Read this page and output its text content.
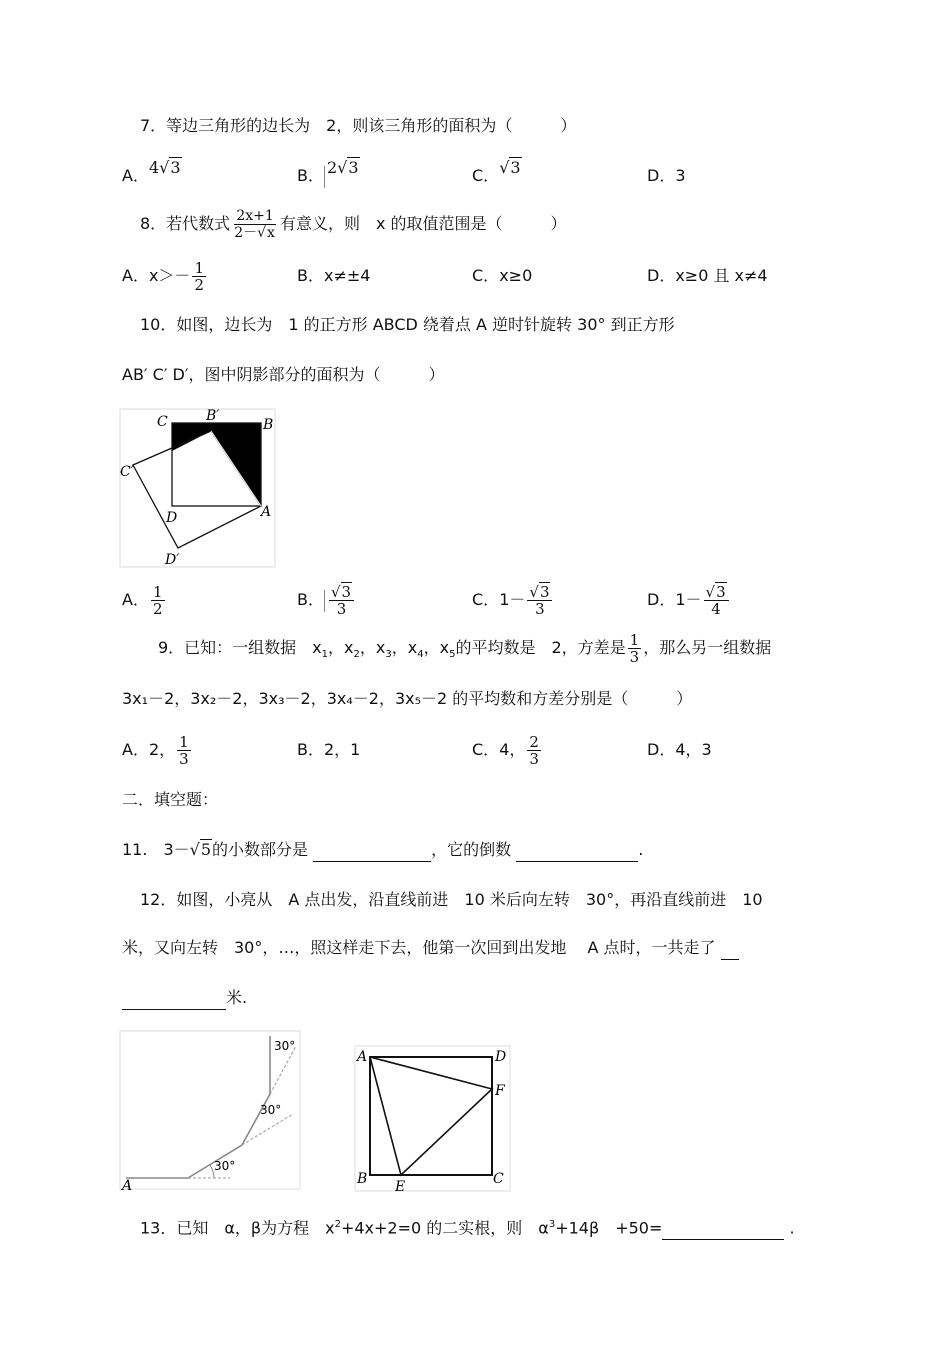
7．等边三角形的边长为　2，则该三角形的面积为（　　　）
A．4√3	B． 2√3	C．√3	D．3
8．若代数式 $\frac{2x+1}{2-√x}$ 有意义，则　x 的取值范围是（　　　）
A．$x>- \frac{1}{2}$	B．x≠±4	C．x≥0	D．x≥0 且 x≠4
10．如图，边长为　1 的正方形 ABCD 绕着点 A 逆时针旋转 30° 到正方形
AB′ C′ D′，图中阴影部分的面积为（　　　）
C	B′
B
C′
D	A
D′
A． $\frac{1}{2}$	B． $\frac{√3}{3}$	C．$1- \frac{√3}{3}$	D．$1- \frac{√3}{4}$
9．已知：一组数据　$x_1$，$x_2$，$x_3$，$x_4$，$x_5$的平均数是　2，方差是 $\frac{1}{3}$ ，那么另一组数据
3x₁－2，3x₂－2，3x₃－2，3x₄－2，3x₅－2 的平均数和方差分别是（　　　）
A．2， $\frac{1}{3}$	B．2，1	C．4， $\frac{2}{3}$	D．4，3
二．填空题：
11.　3－√5的小数部分是	，它的倒数	.
12．如图，小亮从　A 点出发，沿直线前进　10 米后向左转　30°，再沿直线前进　10
米，又向左转　30°，…，照这样走下去，他第一次回到出发地　 A 点时，一共走了
米.
A
30°
30°
30°
A	D
F
B E	C
13．已知　α，β为方程　$x^2+4x+2=0$ 的二实根，则　$\alpha^3+14\beta$　+50=	.
